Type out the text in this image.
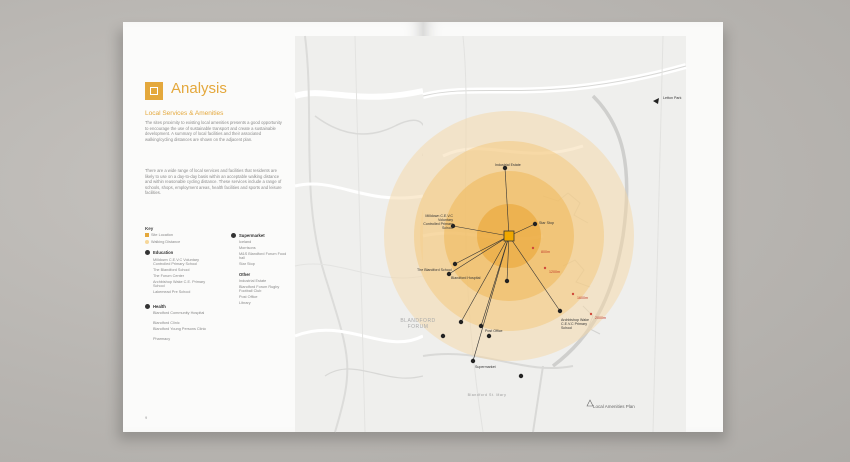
Analysis
Local Services & Amenities
The sites proximity to existing local amenities presents a good opportunity to encourage the use of sustainable transport and create a sustainable development. A summary of local facilities and their associated walking/cycling distances are shown on the adjacent plan.
There are a wide range of local services and facilities that residents are likely to use on a day-to-day basis within an acceptable walking distance and within reasonable cycling distance. These services include a range of schools, shops, employment areas, health facilities and sports and leisure facilities.
Key
Site Location
Walking Distance
Education
Milldown C.E.V.C Voluntary Controlled Primary School
The Blandford School
The Forum Center
Archbishop Wake C.E. Primary School
Lakemead Pre School
Health
Blandford Community Hospital
Blandford Clinic
Blandford Young Persons Clinic
Pharmacy
Supermarket
Iceland
Morrisons
M&S Blandford Forum Food hall
Star Stop
Other
Industrial Estate
Blandford Forum Rugby Football Club
Post Office
Library
9
Industrial Estate
Star Stop
Milldown C.E.V.C Voluntary Controlled Primary School
The Blandford School
Blandford Hospital
Archbishop Wake C.E.V.C Primary School
Supermarket
Post Office
Letton Park
BLANDFORD FORUM
Blandford St. Mary
800m
1200m
1600m
2000m
Local Amenities Plan
